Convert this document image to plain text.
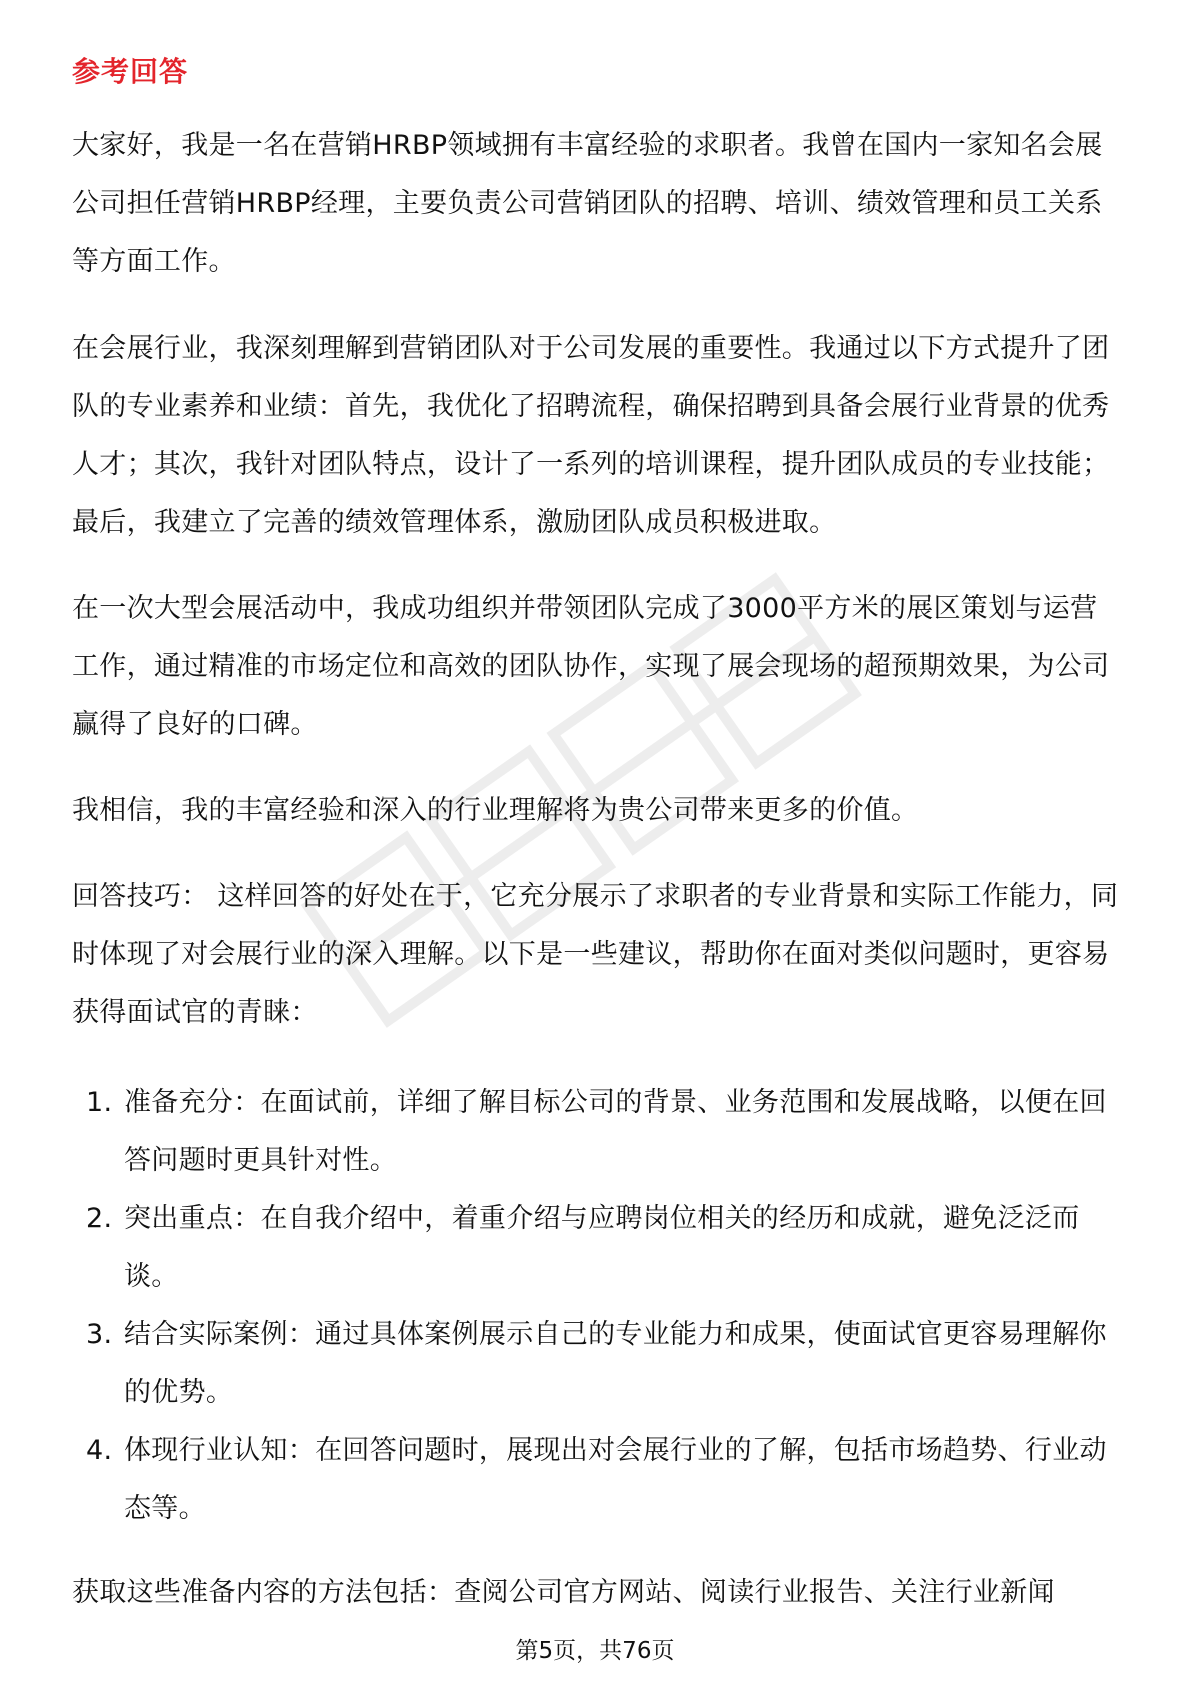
参考回答

大家好，我是一名在营销HRBP领域拥有丰富经验的求职者。我曾在国内一家知名会展公司担任营销HRBP经理，主要负责公司营销团队的招聘、培训、绩效管理和员工关系等方面工作。

在会展行业，我深刻理解到营销团队对于公司发展的重要性。我通过以下方式提升了团队的专业素养和业绩：首先，我优化了招聘流程，确保招聘到具备会展行业背景的优秀人才；其次，我针对团队特点，设计了一系列的培训课程，提升团队成员的专业技能；最后，我建立了完善的绩效管理体系，激励团队成员积极进取。

在一次大型会展活动中，我成功组织并带领团队完成了3000平方米的展区策划与运营工作，通过精准的市场定位和高效的团队协作，实现了展会现场的超预期效果，为公司赢得了良好的口碑。

我相信，我的丰富经验和深入的行业理解将为贵公司带来更多的价值。

回答技巧： 这样回答的好处在于，它充分展示了求职者的专业背景和实际工作能力，同时体现了对会展行业的深入理解。以下是一些建议，帮助你在面对类似问题时，更容易获得面试官的青睐：

1. 准备充分：在面试前，详细了解目标公司的背景、业务范围和发展战略，以便在回答问题时更具针对性。
2. 突出重点：在自我介绍中，着重介绍与应聘岗位相关的经历和成就，避免泛泛而谈。
3. 结合实际案例：通过具体案例展示自己的专业能力和成果，使面试官更容易理解你的优势。
4. 体现行业认知：在回答问题时，展现出对会展行业的了解，包括市场趋势、行业动态等。

获取这些准备内容的方法包括：查阅公司官方网站、阅读行业报告、关注行业新闻

第5页，共76页
